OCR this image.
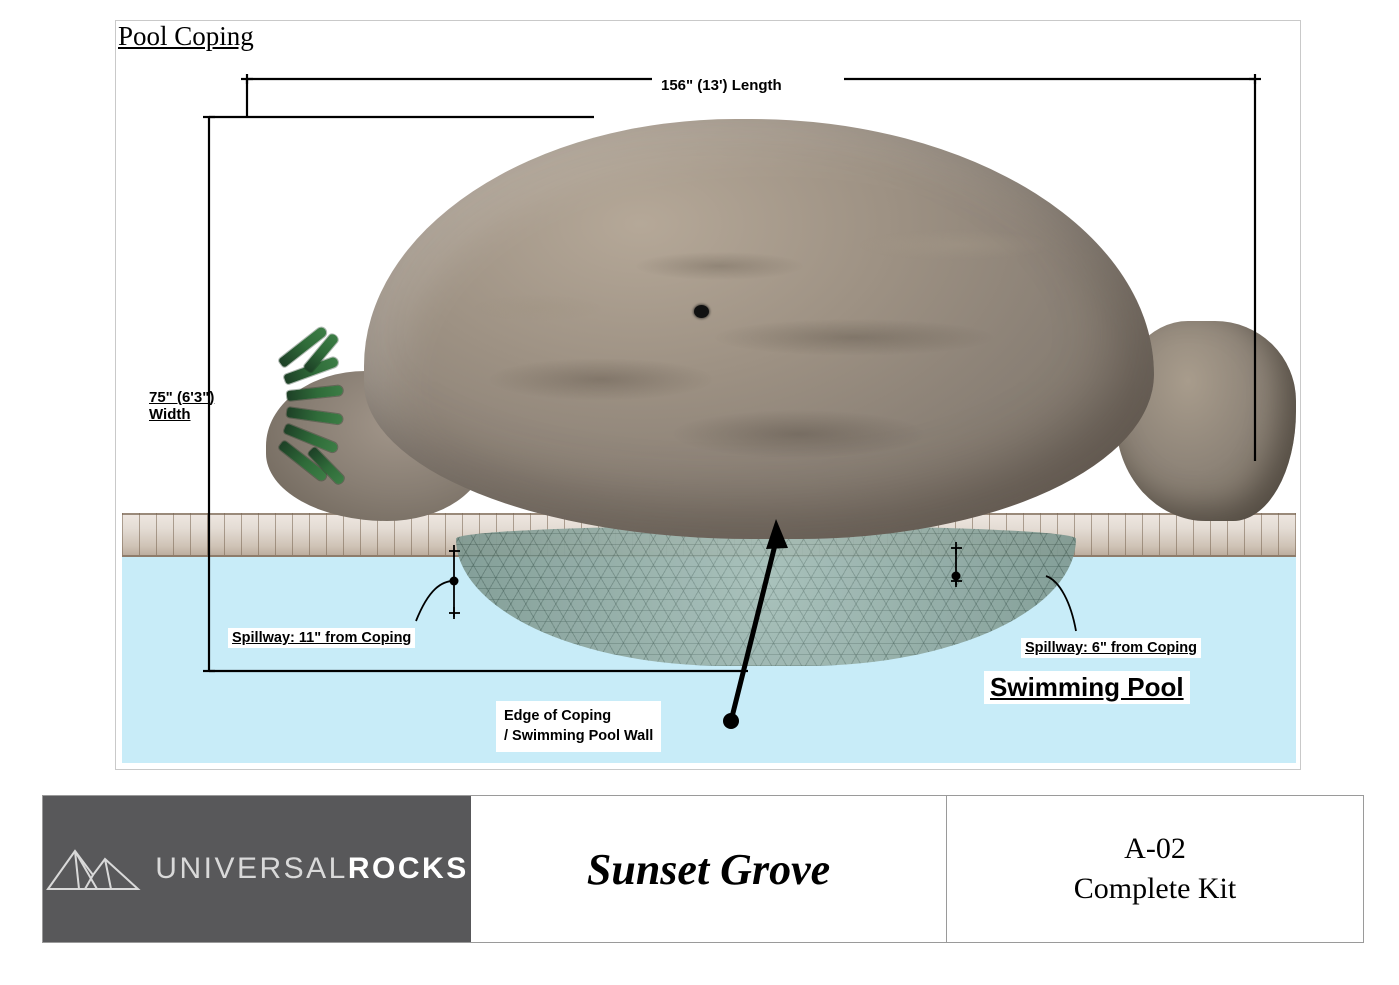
156" (13') Length
75" (6'3")
Width
Pool Coping
Spillway: 11" from Coping
Spillway: 6" from Coping
Swimming Pool
Edge of Coping
/ Swimming Pool Wall
UNIVERSALROCKS	Sunset Grove	A-02
Complete Kit
